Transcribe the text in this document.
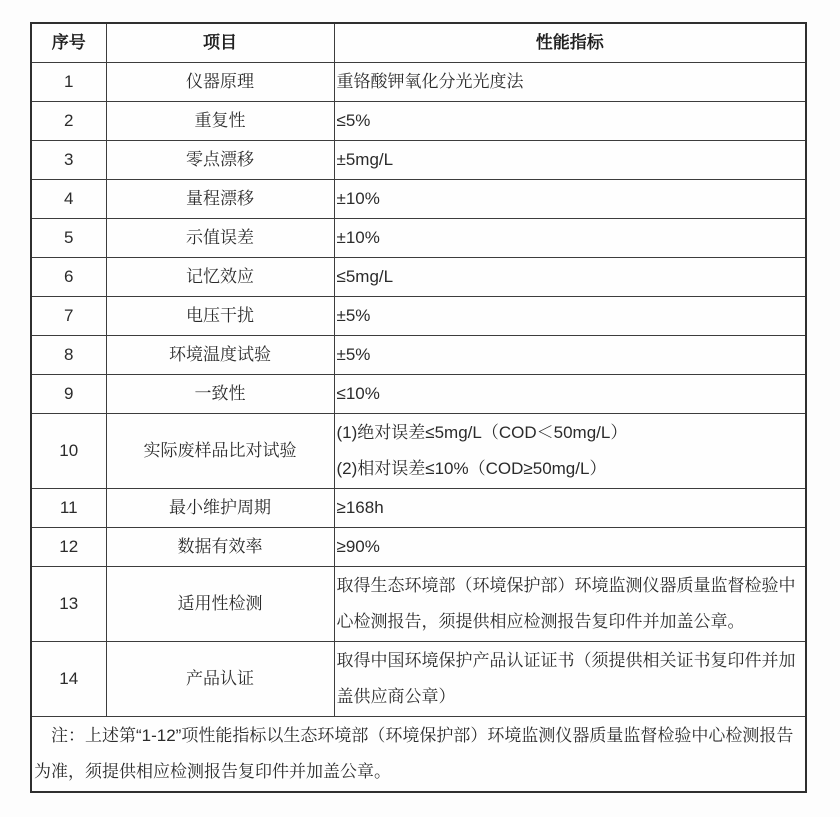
序号	项目	性能指标
1	仪器原理	重铬酸钾氧化分光光度法

2	重复性	≤5%

3	零点漂移	±5mg/L

4	量程漂移	±10%

5	示值误差	±10%

6	记忆效应	≤5mg/L

7	电压干扰	±5%

8	环境温度试验	±5%

9	一致性	≤10%

10	实际废样品比对试验	(1)绝对误差≤5mg/L（COD＜50mg/L）
(2)相对误差≤10%（COD≥50mg/L）

11	最小维护周期	≥168h

12	数据有效率	≥90%

13	适用性检测	取得生态环境部（环境保护部）环境监测仪器质量监督检验中心检测报告，须提供相应检测报告复印件并加盖公章。

14	产品认证	取得中国环境保护产品认证证书（须提供相关证书复印件并加盖供应商公章）

注：上述第“1-12”项性能指标以生态环境部（环境保护部）环境监测仪器质量监督检验中心检测报告为准，须提供相应检测报告复印件并加盖公章。		
